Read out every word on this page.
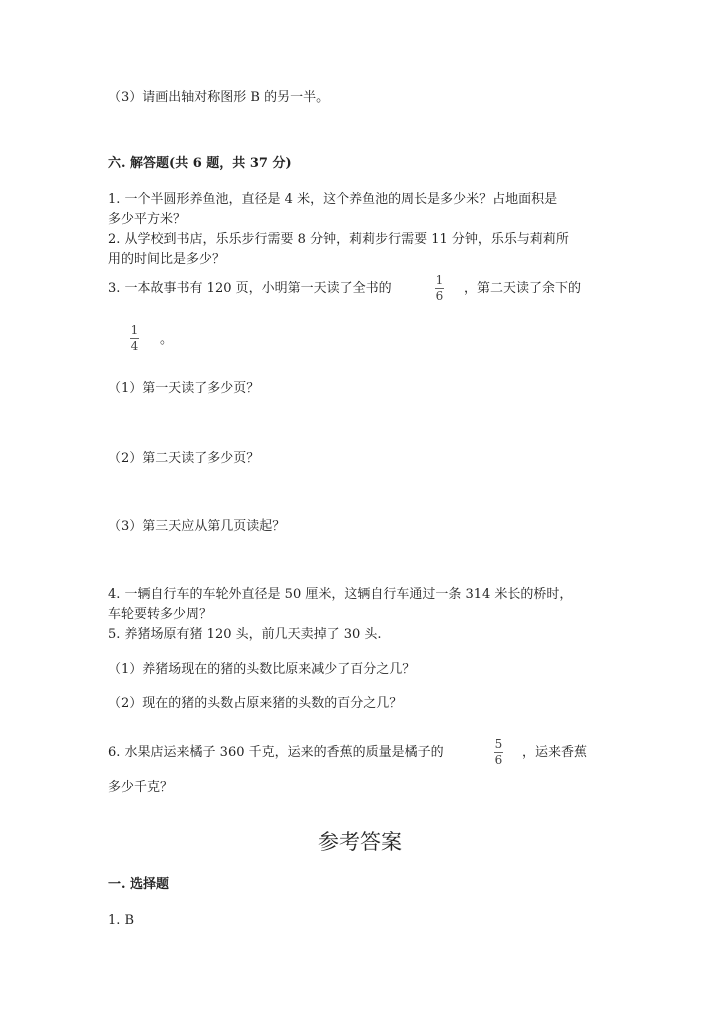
（3）请画出轴对称图形 B 的另一半。
六. 解答题(共 6 题，共 37 分)
1. 一个半圆形养鱼池，直径是 4 米，这个养鱼池的周长是多少米？占地面积是
多少平方米？
2. 从学校到书店，乐乐步行需要 8 分钟，莉莉步行需要 11 分钟，乐乐与莉莉所
用的时间比是多少？
3. 一本故事书有 120 页，小明第一天读了全书的
1
6 ，第二天读了余下的
1
4 。
（1）第一天读了多少页？
（2）第二天读了多少页？
（3）第三天应从第几页读起？
4. 一辆自行车的车轮外直径是 50 厘米，这辆自行车通过一条 314 米长的桥时，
车轮要转多少周？
5. 养猪场原有猪 120 头，前几天卖掉了 30 头.
（1）养猪场现在的猪的头数比原来减少了百分之几？
（2）现在的猪的头数占原来猪的头数的百分之几？
6. 水果店运来橘子 360 千克，运来的香蕉的质量是橘子的
5
6 ，运来香蕉
多少千克？
参考答案
一. 选择题
1. B
